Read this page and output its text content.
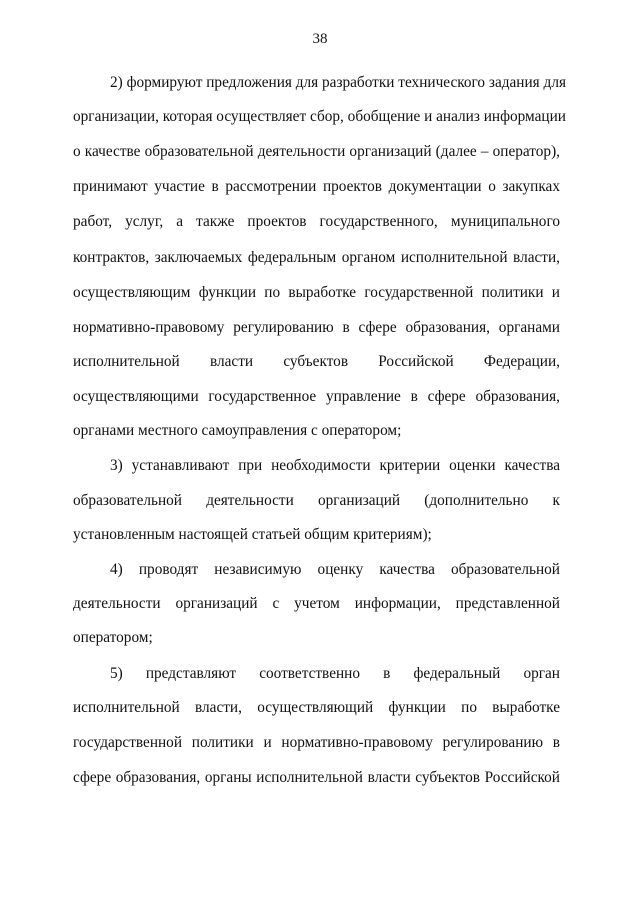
38
2) формируют предложения для разработки технического задания для
организации, которая осуществляет сбор, обобщение и анализ информации
о качестве образовательной деятельности организаций (далее – оператор),
принимают участие в рассмотрении проектов документации о закупках
работ, услуг, а также проектов государственного, муниципального
контрактов, заключаемых федеральным органом исполнительной власти,
осуществляющим функции по выработке государственной политики и
нормативно-правовому регулированию в сфере образования, органами
исполнительной власти субъектов Российской Федерации,
осуществляющими государственное управление в сфере образования,
органами местного самоуправления с оператором;
3) устанавливают при необходимости критерии оценки качества
образовательной деятельности организаций (дополнительно к
установленным настоящей статьей общим критериям);
4) проводят независимую оценку качества образовательной
деятельности организаций с учетом информации, представленной
оператором;
5) представляют соответственно в федеральный орган
исполнительной власти, осуществляющий функции по выработке
государственной политики и нормативно-правовому регулированию в
сфере образования, органы исполнительной власти субъектов Российской
